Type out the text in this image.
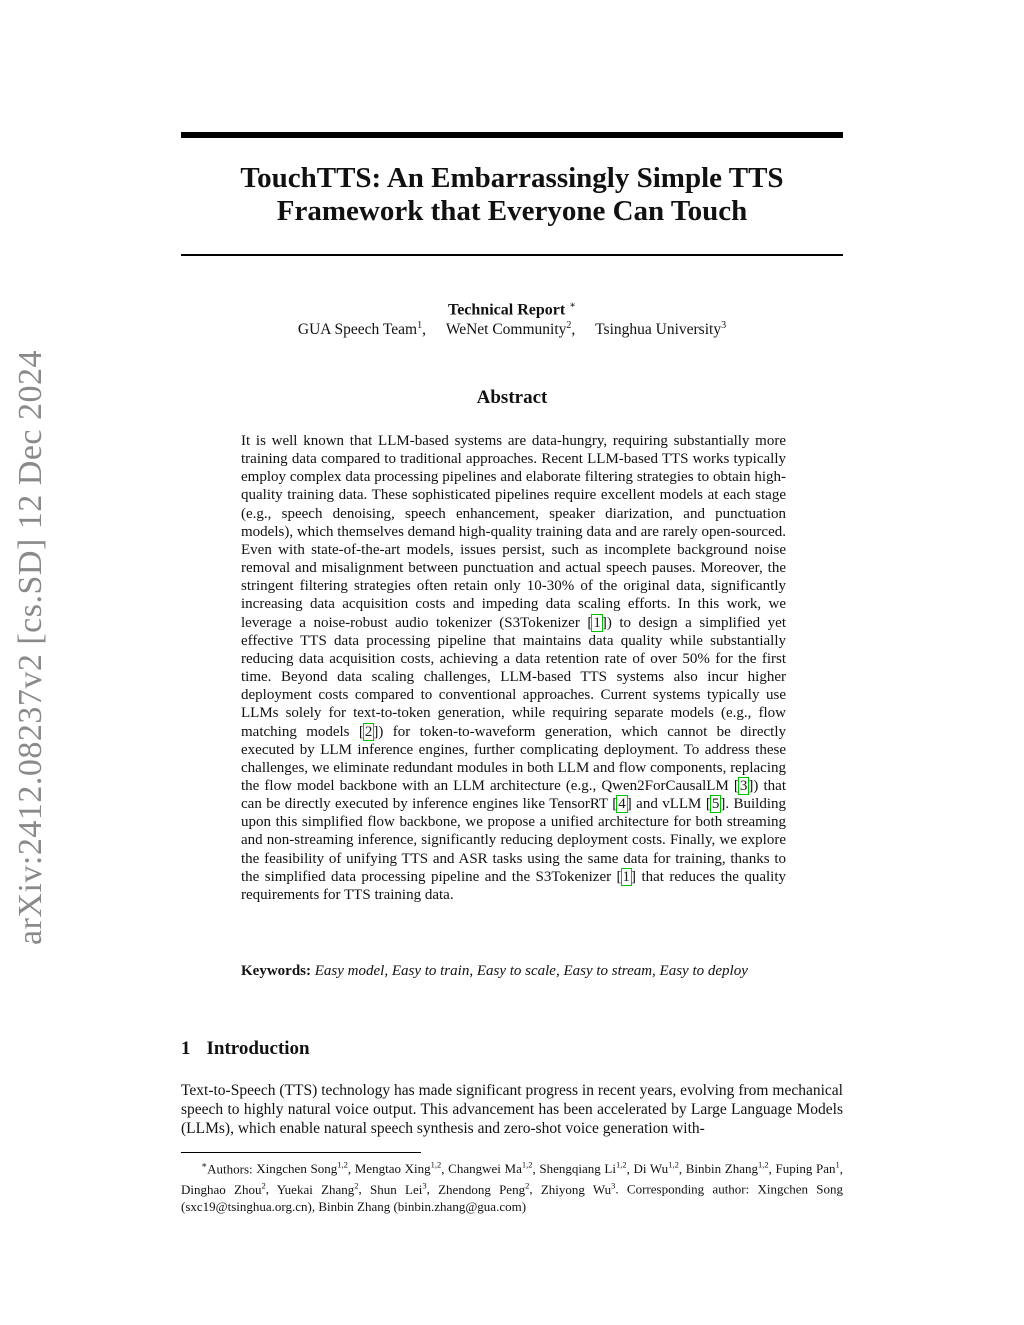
arXiv:2412.08237v2 [cs.SD] 12 Dec 2024
TouchTTS: An Embarrassingly Simple TTS
Framework that Everyone Can Touch
Technical Report ∗
GUA Speech Team$^1$, WeNet Community$^2$, Tsinghua University$^3$
Abstract
It is well known that LLM-based systems are data-hungry, requiring substantially more training data compared to traditional approaches. Recent LLM-based TTS works typically employ complex data processing pipelines and elaborate filtering strategies to obtain high-quality training data. These sophisticated pipelines require excellent models at each stage (e.g., speech denoising, speech enhancement, speaker diarization, and punctuation models), which themselves demand high-quality training data and are rarely open-sourced. Even with state-of-the-art models, issues persist, such as incomplete background noise removal and misalignment between punctuation and actual speech pauses. Moreover, the stringent filtering strategies often retain only 10-30% of the original data, significantly increasing data acquisition costs and impeding data scaling efforts. In this work, we leverage a noise-robust audio tokenizer (S3Tokenizer [1]) to design a simplified yet effective TTS data processing pipeline that maintains data quality while substantially reducing data acquisition costs, achieving a data retention rate of over 50% for the first time. Beyond data scaling challenges, LLM-based TTS systems also incur higher deployment costs compared to conventional approaches. Current systems typically use LLMs solely for text-to-token generation, while requiring separate models (e.g., flow matching models [2]) for token-to-waveform generation, which cannot be directly executed by LLM inference engines, further complicating deployment. To address these challenges, we eliminate redundant modules in both LLM and flow components, replacing the flow model backbone with an LLM architecture (e.g., Qwen2ForCausalLM [3]) that can be directly executed by inference engines like TensorRT [4] and vLLM [5]. Building upon this simplified flow backbone, we propose a unified architecture for both streaming and non-streaming inference, significantly reducing deployment costs. Finally, we explore the feasibility of unifying TTS and ASR tasks using the same data for training, thanks to the simplified data processing pipeline and the S3Tokenizer [1] that reduces the quality requirements for TTS training data.
Keywords: Easy model, Easy to train, Easy to scale, Easy to stream, Easy to deploy
1 Introduction
Text-to-Speech (TTS) technology has made significant progress in recent years, evolving from mechanical speech to highly natural voice output. This advancement has been accelerated by Large Language Models (LLMs), which enable natural speech synthesis and zero-shot voice generation with-
∗Authors: Xingchen Song$^{1,2}$, Mengtao Xing$^{1,2}$, Changwei Ma$^{1,2}$, Shengqiang Li$^{1,2}$, Di Wu$^{1,2}$, Binbin Zhang$^{1,2}$, Fuping Pan$^1$, Dinghao Zhou$^2$, Yuekai Zhang$^2$, Shun Lei$^3$, Zhendong Peng$^2$, Zhiyong Wu$^3$. Corresponding author: Xingchen Song (sxc19@tsinghua.org.cn), Binbin Zhang (binbin.zhang@gua.com)
